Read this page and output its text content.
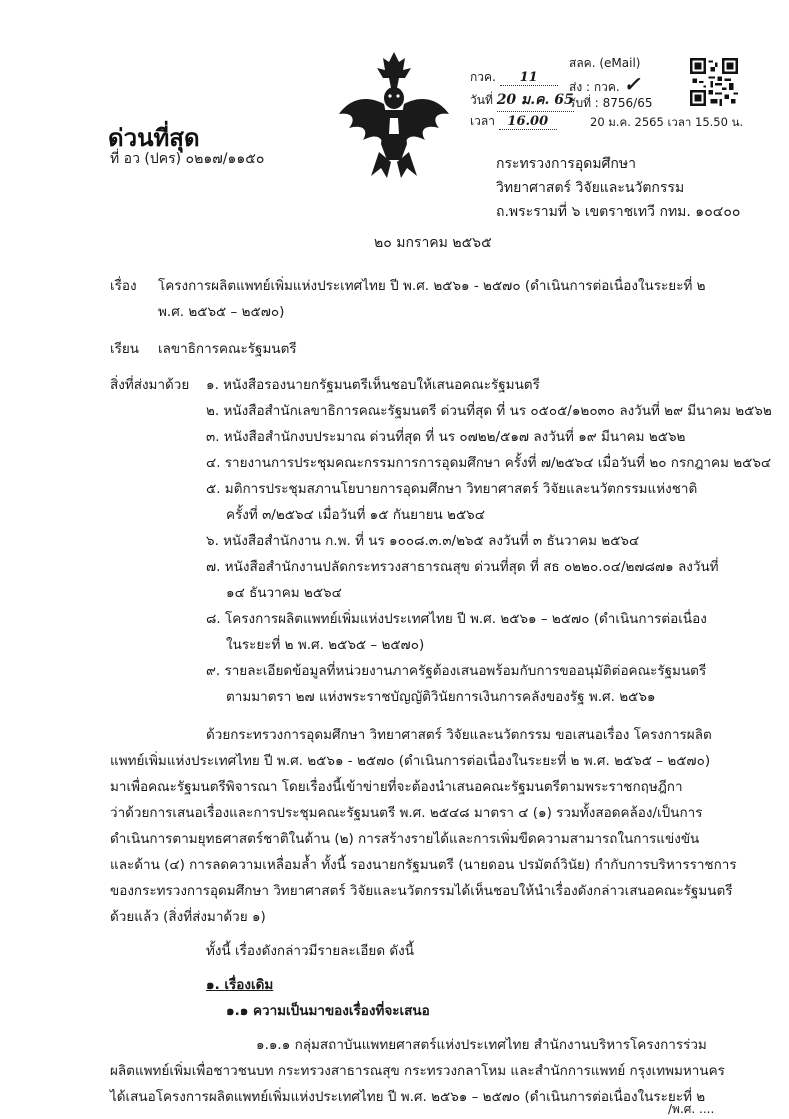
ด่วนที่สุด
ที่ อว (ปคร) ๐๒๑๗/๑๑๕๐
กวค. 11
วันที่ 20 ม.ค. 65
เวลา 16.00
สลค. (eMail)
ส่ง : กวค. ✓
รับที่ : 8756/65
20 ม.ค. 2565 เวลา 15.50 น.
กระทรวงการอุดมศึกษา
วิทยาศาสตร์ วิจัยและนวัตกรรม
ถ.พระรามที่ ๖ เขตราชเทวี กทม. ๑๐๔๐๐
๒๐ มกราคม ๒๕๖๕
เรื่อง โครงการผลิตแพทย์เพิ่มแห่งประเทศไทย ปี พ.ศ. ๒๕๖๑ - ๒๕๗๐ (ดำเนินการต่อเนื่องในระยะที่ ๒
พ.ศ. ๒๕๖๕ – ๒๕๗๐)
เรียน เลขาธิการคณะรัฐมนตรี
สิ่งที่ส่งมาด้วย ๑. หนังสือรองนายกรัฐมนตรีเห็นชอบให้เสนอคณะรัฐมนตรี
๒. หนังสือสำนักเลขาธิการคณะรัฐมนตรี ด่วนที่สุด ที่ นร ๐๕๐๕/๑๒๐๓๐ ลงวันที่ ๒๙ มีนาคม ๒๕๖๒
๓. หนังสือสำนักงบประมาณ ด่วนที่สุด ที่ นร ๐๗๒๒/๕๑๗ ลงวันที่ ๑๙ มีนาคม ๒๕๖๒
๔. รายงานการประชุมคณะกรรมการการอุดมศึกษา ครั้งที่ ๗/๒๕๖๔ เมื่อวันที่ ๒๐ กรกฎาคม ๒๕๖๔
๕. มติการประชุมสภานโยบายการอุดมศึกษา วิทยาศาสตร์ วิจัยและนวัตกรรมแห่งชาติ
ครั้งที่ ๓/๒๕๖๔ เมื่อวันที่ ๑๕ กันยายน ๒๕๖๔
๖. หนังสือสำนักงาน ก.พ. ที่ นร ๑๐๐๘.๓.๓/๒๖๕ ลงวันที่ ๓ ธันวาคม ๒๕๖๔
๗. หนังสือสำนักงานปลัดกระทรวงสาธารณสุข ด่วนที่สุด ที่ สธ ๐๒๒๐.๐๔/๒๗๘๗๑ ลงวันที่
๑๔ ธันวาคม ๒๕๖๔
๘. โครงการผลิตแพทย์เพิ่มแห่งประเทศไทย ปี พ.ศ. ๒๕๖๑ – ๒๕๗๐ (ดำเนินการต่อเนื่อง
ในระยะที่ ๒ พ.ศ. ๒๕๖๕ – ๒๕๗๐)
๙. รายละเอียดข้อมูลที่หน่วยงานภาครัฐต้องเสนอพร้อมกับการขออนุมัติต่อคณะรัฐมนตรี
ตามมาตรา ๒๗ แห่งพระราชบัญญัติวินัยการเงินการคลังของรัฐ พ.ศ. ๒๕๖๑
ด้วยกระทรวงการอุดมศึกษา วิทยาศาสตร์ วิจัยและนวัตกรรม ขอเสนอเรื่อง โครงการผลิต
แพทย์เพิ่มแห่งประเทศไทย ปี พ.ศ. ๒๕๖๑ - ๒๕๗๐ (ดำเนินการต่อเนื่องในระยะที่ ๒ พ.ศ. ๒๕๖๕ – ๒๕๗๐)
มาเพื่อคณะรัฐมนตรีพิจารณา โดยเรื่องนี้เข้าข่ายที่จะต้องนำเสนอคณะรัฐมนตรีตามพระราชกฤษฎีกา
ว่าด้วยการเสนอเรื่องและการประชุมคณะรัฐมนตรี พ.ศ. ๒๕๔๘ มาตรา ๔ (๑) รวมทั้งสอดคล้อง/เป็นการ
ดำเนินการตามยุทธศาสตร์ชาติในด้าน (๒) การสร้างรายได้และการเพิ่มขีดความสามารถในการแข่งขัน
และด้าน (๔) การลดความเหลื่อมล้ำ ทั้งนี้ รองนายกรัฐมนตรี (นายดอน ปรมัตถ์วินัย) กำกับการบริหารราชการ
ของกระทรวงการอุดมศึกษา วิทยาศาสตร์ วิจัยและนวัตกรรมได้เห็นชอบให้นำเรื่องดังกล่าวเสนอคณะรัฐมนตรี
ด้วยแล้ว (สิ่งที่ส่งมาด้วย ๑)
ทั้งนี้ เรื่องดังกล่าวมีรายละเอียด ดังนี้
๑. เรื่องเดิม
๑.๑ ความเป็นมาของเรื่องที่จะเสนอ
๑.๑.๑ กลุ่มสถาบันแพทยศาสตร์แห่งประเทศไทย สำนักงานบริหารโครงการร่วม
ผลิตแพทย์เพิ่มเพื่อชาวชนบท กระทรวงสาธารณสุข กระทรวงกลาโหม และสำนักการแพทย์ กรุงเทพมหานคร
ได้เสนอโครงการผลิตแพทย์เพิ่มแห่งประเทศไทย ปี พ.ศ. ๒๕๖๑ – ๒๕๗๐ (ดำเนินการต่อเนื่องในระยะที่ ๒
/พ.ศ. ....
